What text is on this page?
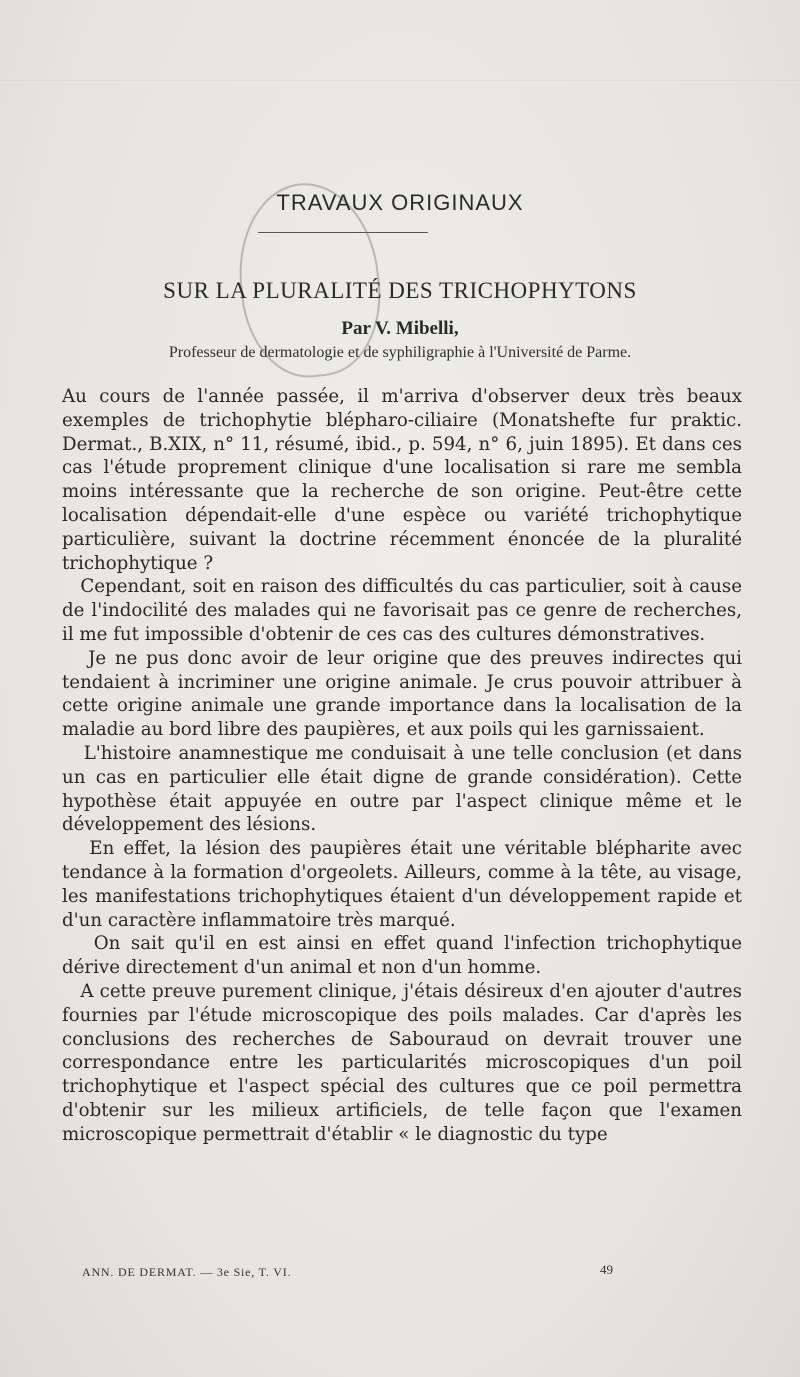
TRAVAUX ORIGINAUX
SUR LA PLURALITÉ DES TRICHOPHYTONS
Par V. Mibelli,
Professeur de dermatologie et de syphiligraphie à l'Université de Parme.

Au cours de l'année passée, il m'arriva d'observer deux très beaux exemples de trichophytie blépharo-ciliaire (Monatshefte fur praktic. Dermat., B.XIX, n° 11, résumé, ibid., p. 594, n° 6, juin 1895). Et dans ces cas l'étude proprement clinique d'une localisation si rare me sembla moins intéressante que la recherche de son origine. Peut-être cette localisation dépendait-elle d'une espèce ou variété trichophytique particulière, suivant la doctrine récemment énoncée de la pluralité trichophytique ?

Cependant, soit en raison des difficultés du cas particulier, soit à cause de l'indocilité des malades qui ne favorisait pas ce genre de recherches, il me fut impossible d'obtenir de ces cas des cultures démonstratives.

Je ne pus donc avoir de leur origine que des preuves indirectes qui tendaient à incriminer une origine animale. Je crus pouvoir attribuer à cette origine animale une grande importance dans la localisation de la maladie au bord libre des paupières, et aux poils qui les garnissaient.

L'histoire anamnestique me conduisait à une telle conclusion (et dans un cas en particulier elle était digne de grande considération). Cette hypothèse était appuyée en outre par l'aspect clinique même et le développement des lésions.

En effet, la lésion des paupières était une véritable blépharite avec tendance à la formation d'orgeolets. Ailleurs, comme à la tête, au visage, les manifestations trichophytiques étaient d'un développement rapide et d'un caractère inflammatoire très marqué.

On sait qu'il en est ainsi en effet quand l'infection trichophytique dérive directement d'un animal et non d'un homme.

A cette preuve purement clinique, j'étais désireux d'en ajouter d'autres fournies par l'étude microscopique des poils malades. Car d'après les conclusions des recherches de Sabouraud on devrait trouver une correspondance entre les particularités microscopiques d'un poil trichophytique et l'aspect spécial des cultures que ce poil permettra d'obtenir sur les milieux artificiels, de telle façon que l'examen microscopique permettrait d'établir « le diagnostic du type

ANN. DE DERMAT. — 3e Sie, T. VI.	49
